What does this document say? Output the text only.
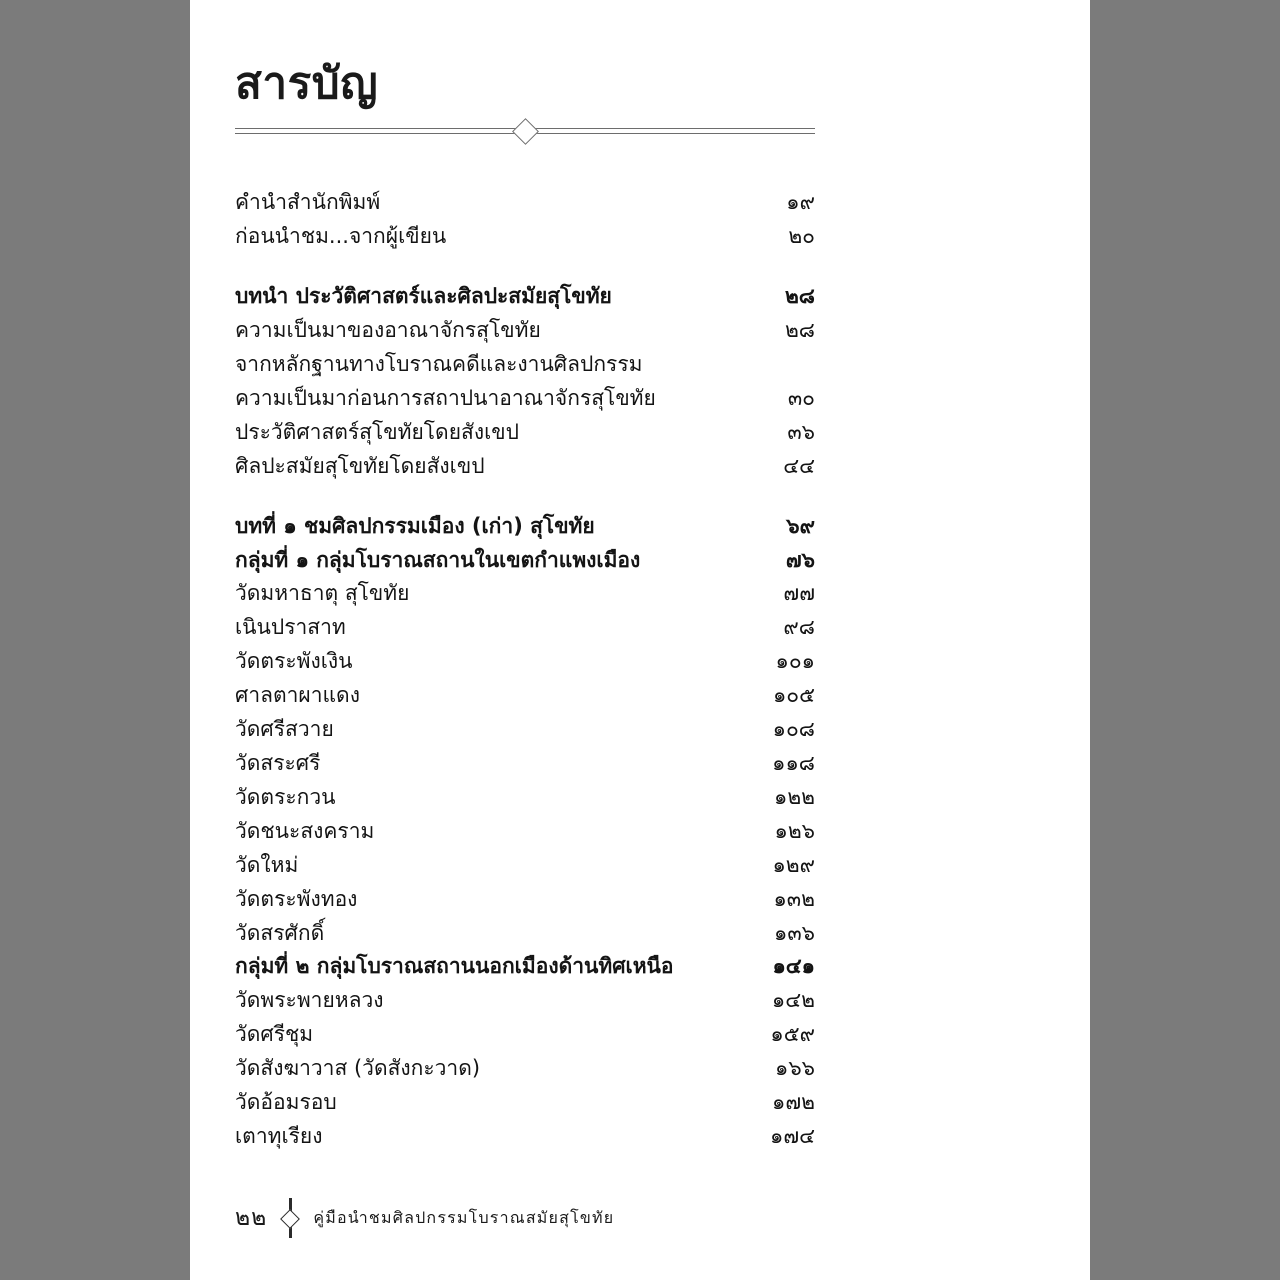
สารบัญ
คำนำสำนักพิมพ์	๑๙
ก่อนนำชม...จากผู้เขียน	๒๐
บทนำ ประวัติศาสตร์และศิลปะสมัยสุโขทัย	๒๘
ความเป็นมาของอาณาจักรสุโขทัย	๒๘
จากหลักฐานทางโบราณคดีและงานศิลปกรรม
ความเป็นมาก่อนการสถาปนาอาณาจักรสุโขทัย	๓๐
ประวัติศาสตร์สุโขทัยโดยสังเขป	๓๖
ศิลปะสมัยสุโขทัยโดยสังเขป	๔๔
บทที่ ๑ ชมศิลปกรรมเมือง (เก่า) สุโขทัย	๖๙
กลุ่มที่ ๑ กลุ่มโบราณสถานในเขตกำแพงเมือง	๗๖
วัดมหาธาตุ สุโขทัย	๗๗
เนินปราสาท	๙๘
วัดตระพังเงิน	๑๐๑
ศาลตาผาแดง	๑๐๕
วัดศรีสวาย	๑๐๘
วัดสระศรี	๑๑๘
วัดตระกวน	๑๒๒
วัดชนะสงคราม	๑๒๖
วัดใหม่	๑๒๙
วัดตระพังทอง	๑๓๒
วัดสรศักดิ์	๑๓๖
กลุ่มที่ ๒ กลุ่มโบราณสถานนอกเมืองด้านทิศเหนือ	๑๔๑
วัดพระพายหลวง	๑๔๒
วัดศรีชุม	๑๕๙
วัดสังฆาวาส (วัดสังกะวาด)	๑๖๖
วัดอ้อมรอบ	๑๗๒
เตาทุเรียง	๑๗๔
๒๒	คู่มือนำชมศิลปกรรมโบราณสมัยสุโขทัย
